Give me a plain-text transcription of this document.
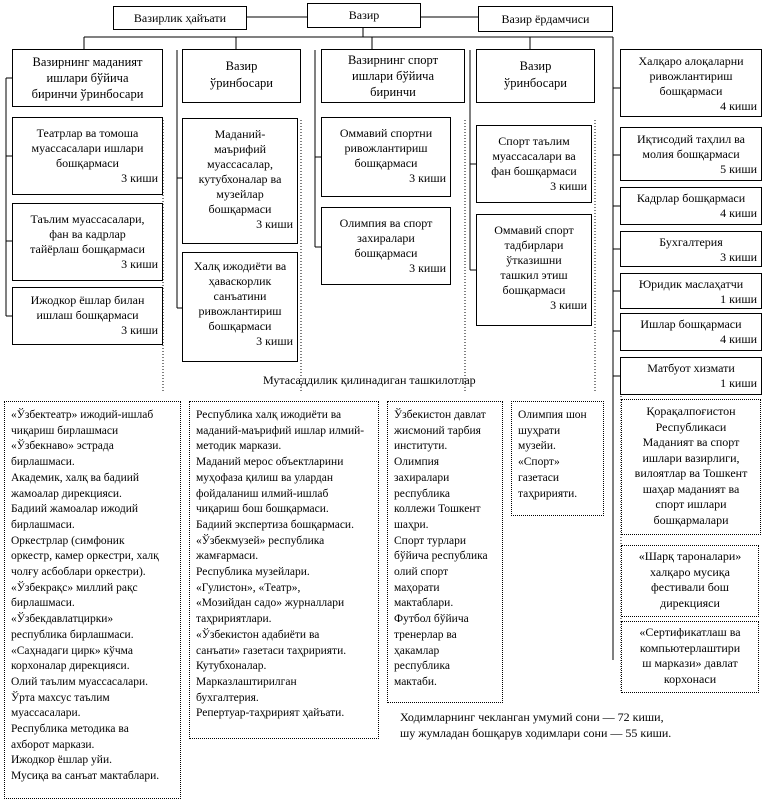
Вазир
Вазирлик ҳайъати	Вазир ёрдамчиси
Вазирнинг маданият
ишлари бўйича
биринчи ўринбосари
Вазир
ўринбосари
Вазирнинг спорт
ишлари бўйича
биринчи
Вазир
ўринбосари
Театрлар ва томоша
муассасалари ишлари
бошқармаси
3 киши
Таълим муассасалари,
фан ва кадрлар
тайёрлаш бошқармаси
3 киши
Ижодкор ёшлар билан
ишлаш бошқармаси
3 киши
Маданий-
маърифий
муассасалар,
кутубхоналар ва
музейлар
бошқармаси
3 киши
Халқ ижодиёти ва
ҳаваскорлик
санъатини
ривожлантириш
бошқармаси
3 киши
Оммавий спортни
ривожлантириш
бошқармаси
3 киши
Олимпия ва спорт
захиралари
бошқармаси
3 киши
Спорт таълим
муассасалари ва
фан бошқармаси
3 киши
Оммавий спорт
тадбирлари
ўтказишни
ташкил этиш
бошқармаси
3 киши
Халқаро алоқаларни
ривожлантириш
бошқармаси
4 киши
Иқтисодий таҳлил ва
молия бошқармаси
5 киши
Кадрлар бошқармаси
4 киши
Бухгалтерия
3 киши
Юридик маслаҳатчи
1 киши
Ишлар бошқармаси
4 киши
Матбуот хизмати
1 киши
Мутасаддилик қилинадиган ташкилотлар
«Ўзбектеатр» ижодий-ишлаб
чиқариш бирлашмаси
«Ўзбекнаво» эстрада
бирлашмаси.
Академик, халқ ва бадиий
жамоалар дирекцияси.
Бадиий жамоалар ижодий
бирлашмаси.
Оркестрлар (симфоник
оркестр, камер оркестри, халқ
чолғу асбоблари оркестри).
«Ўзбекрақс» миллий рақс
бирлашмаси.
«Ўзбекдавлатцирки»
республика бирлашмаси.
«Саҳнадаги цирк» кўчма
корхоналар дирекцияси.
Олий таълим муассасалари.
Ўрта махсус таълим
муассасалари.
Республика методика ва
ахборот маркази.
Ижодкор ёшлар уйи.
Мусиқа ва санъат мактаблари.
Республика халқ ижодиёти ва
маданий-маърифий ишлар илмий-
методик маркази.
Маданий мерос объектларини
муҳофаза қилиш ва улардан
фойдаланиш илмий-ишлаб
чиқариш бош бошқармаси.
Бадиий экспертиза бошқармаси.
«Ўзбекмузей» республика
жамғармаси.
Республика музейлари.
«Гулистон», «Театр»,
«Мозийдан садо» журналлари
таҳририятлари.
«Ўзбекистон адабиёти ва
санъати» газетаси таҳририяти.
Кутубхоналар.
Марказлаштирилган
бухгалтерия.
Репертуар-таҳририят ҳайъати.
Ўзбекистон давлат
жисмоний тарбия
институти.
Олимпия
захиралари
республика
коллежи Тошкент
шаҳри.
Спорт турлари
бўйича республика
олий спорт
маҳорати
мактаблари.
Футбол бўйича
тренерлар ва
ҳакамлар
республика
мактаби.
Олимпия шон
шуҳрати
музейи.
«Спорт»
газетаси
таҳририяти.
Қорақалпоғистон
Республикаси
Маданият ва спорт
ишлари вазирлиги,
вилоятлар ва Тошкент
шаҳар маданият ва
спорт ишлари
бошқармалари
«Шарқ тароналари»
халқаро мусиқа
фестивали бош
дирекцияси
«Сертификатлаш ва
компьютерлаштири
ш маркази» давлат
корхонаси
Ходимларнинг чекланган умумий сони — 72 киши,
шу жумладан бошқарув ходимлари сони — 55 киши.
